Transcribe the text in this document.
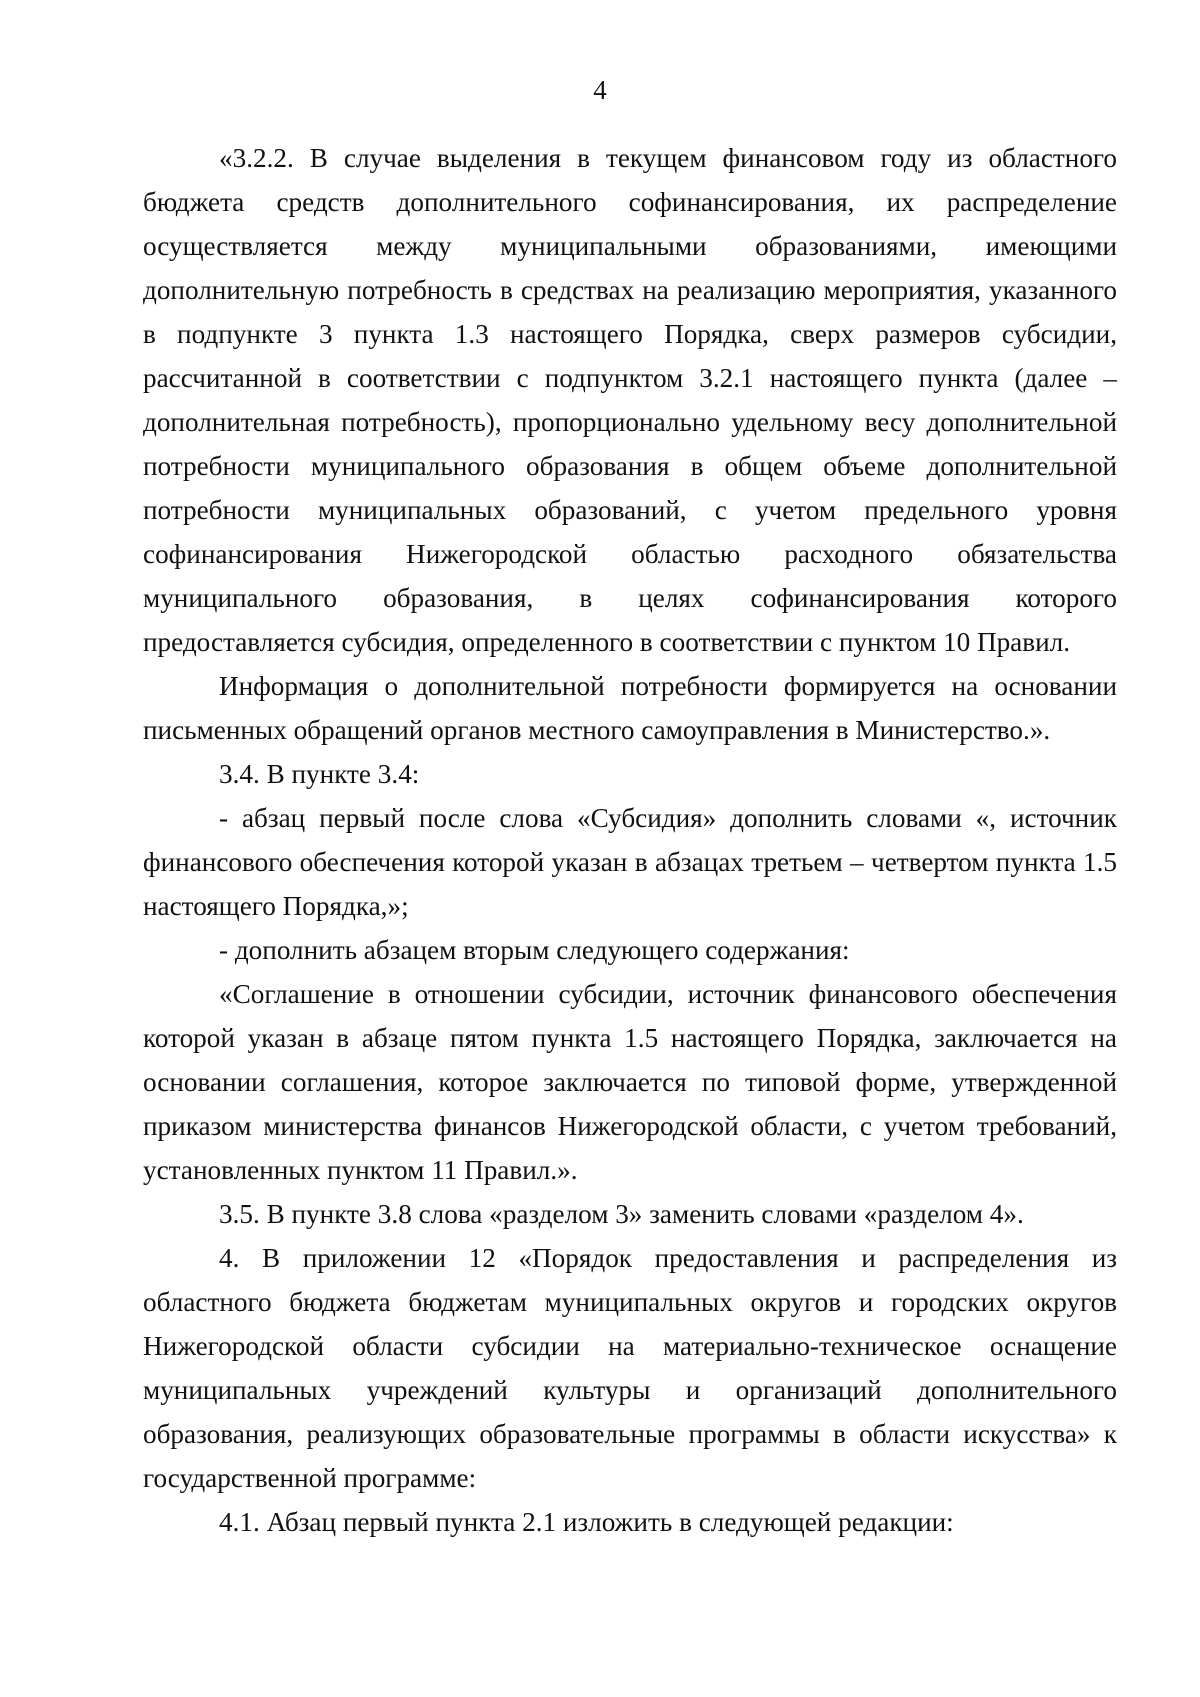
4

«3.2.2. В случае выделения в текущем финансовом году из областного бюджета средств дополнительного софинансирования, их распределение осуществляется между муниципальными образованиями, имеющими дополнительную потребность в средствах на реализацию мероприятия, указанного в подпункте 3 пункта 1.3 настоящего Порядка, сверх размеров субсидии, рассчитанной в соответствии с подпунктом 3.2.1 настоящего пункта (далее – дополнительная потребность), пропорционально удельному весу дополнительной потребности муниципального образования в общем объеме дополнительной потребности муниципальных образований, с учетом предельного уровня софинансирования Нижегородской областью расходного обязательства муниципального образования, в целях софинансирования которого предоставляется субсидия, определенного в соответствии с пунктом 10 Правил.

Информация о дополнительной потребности формируется на основании письменных обращений органов местного самоуправления в Министерство.».

3.4. В пункте 3.4:

- абзац первый после слова «Субсидия» дополнить словами «, источник финансового обеспечения которой указан в абзацах третьем – четвертом пункта 1.5 настоящего Порядка,»;

- дополнить абзацем вторым следующего содержания:

«Соглашение в отношении субсидии, источник финансового обеспечения которой указан в абзаце пятом пункта 1.5 настоящего Порядка, заключается на основании соглашения, которое заключается по типовой форме, утвержденной приказом министерства финансов Нижегородской области, с учетом требований, установленных пунктом 11 Правил.».

3.5. В пункте 3.8 слова «разделом 3» заменить словами «разделом 4».

4. В приложении 12 «Порядок предоставления и распределения из областного бюджета бюджетам муниципальных округов и городских округов Нижегородской области субсидии на материально-техническое оснащение муниципальных учреждений культуры и организаций дополнительного образования, реализующих образовательные программы в области искусства» к государственной программе:

4.1. Абзац первый пункта 2.1 изложить в следующей редакции:
